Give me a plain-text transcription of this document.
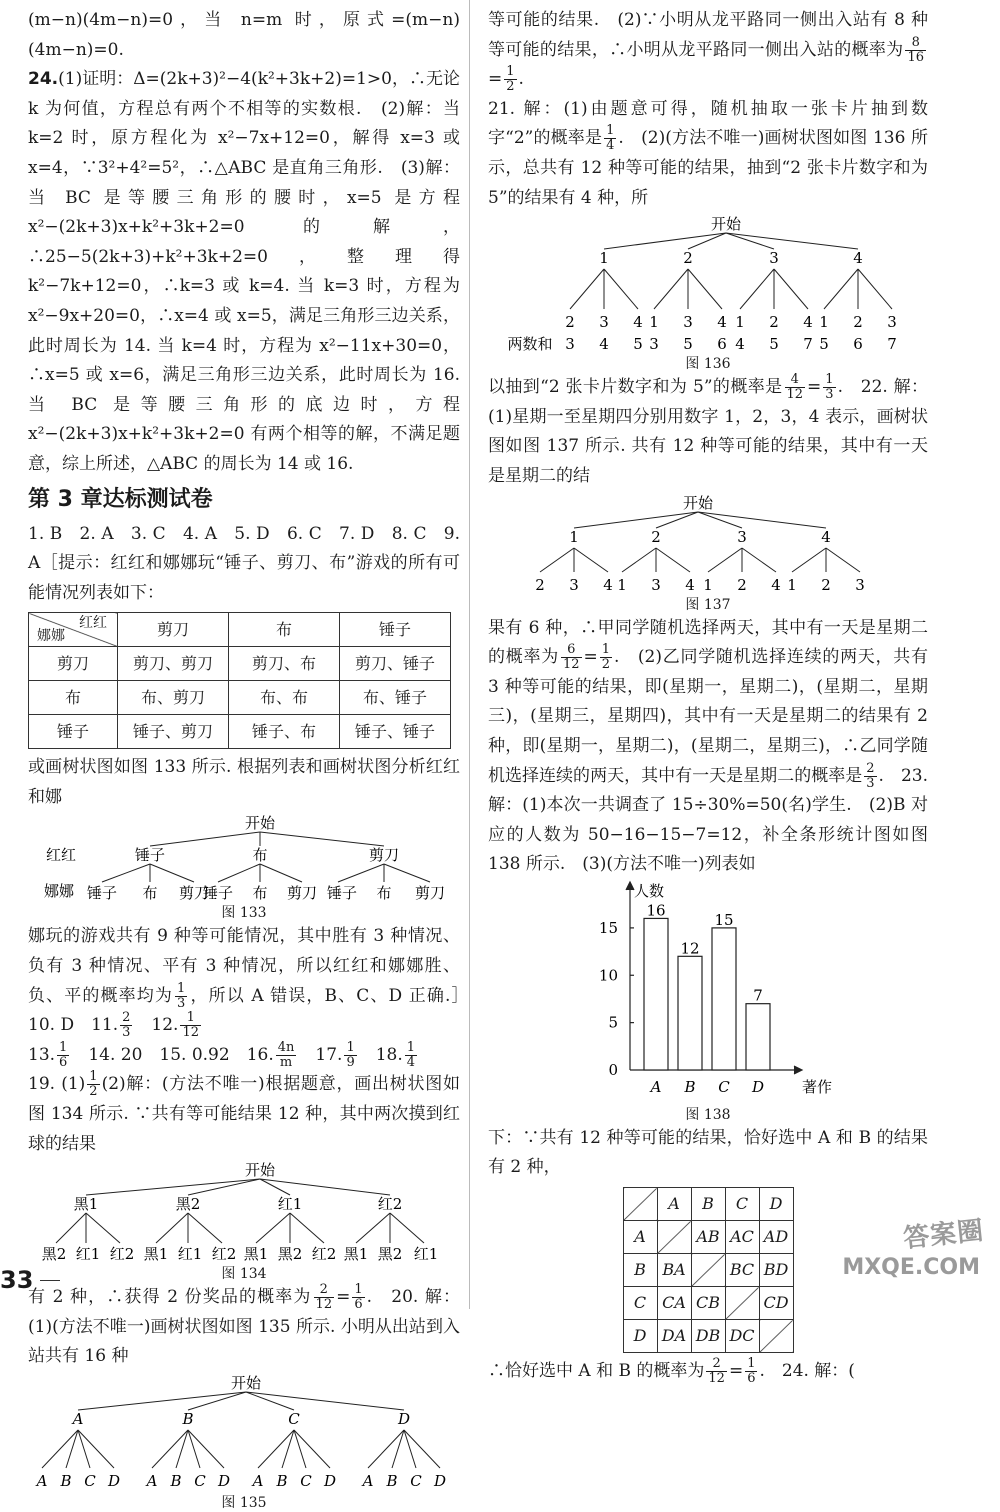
(m−n)(4m−n)=0，当 n=m 时，原式=(m−n)(4m−n)=0.

24.(1)证明：Δ=(2k+3)²−4(k²+3k+2)=1>0，∴无论 k 为何值，方程总有两个不相等的实数根.　(2)解：当 k=2 时，原方程化为 x²−7x+12=0，解得 x=3 或 x=4，∵3²+4²=5²，∴△ABC 是直角三角形.　(3)解：当 BC 是等腰三角形的腰时，x=5 是方程 x²−(2k+3)x+k²+3k+2=0 的解，∴25−5(2k+3)+k²+3k+2=0，整理得 k²−7k+12=0，∴k=3 或 k=4. 当 k=3 时，方程为 x²−9x+20=0，∴x=4 或 x=5，满足三角形三边关系，此时周长为 14. 当 k=4 时，方程为 x²−11x+30=0，∴x=5 或 x=6，满足三角形三边关系，此时周长为 16. 当 BC 是等腰三角形的底边时，方程 x²−(2k+3)x+k²+3k+2=0 有两个相等的解，不满足题意，综上所述，△ABC 的周长为 14 或 16.

第 3 章达标测试卷

1. B　2. A　3. C　4. A　5. D　6. C　7. D　8. C　9. A［提示：红红和娜娜玩“锤子、剪刀、布”游戏的所有可能情况列表如下：

红红
娜娜	剪刀	布	锤子
剪刀	剪刀、剪刀	剪刀、布	剪刀、锤子
布	布、剪刀	布、布	布、锤子
锤子	锤子、剪刀	锤子、布	锤子、锤子

或画树状图如图 133 所示. 根据列表和画树状图分析红红和娜

开始
红红
娜娜
锤子	布	剪刀
锤子 布 剪刀
锤子 布 剪刀 锤子 布 剪刀
图 133

娜玩的游戏共有 9 种等可能情况，其中胜有 3 种情况、负有 3 种情况、平有 3 种情况，所以红红和娜娜胜、负、平的概率均为 $\frac{1}{3}$ ，所以 A 错误，B、C、D 正确.］　10. D　11. $\frac{2}{3}$
　 12. $\frac{1}{12}$

13. $\frac{1}{6}$
　 14. 20　15. 0.92　16. $\frac{4n}{m}$
　 17. $\frac{1}{9}$
　 18. $\frac{1}{4}$

19. $(1) \frac{1}{2} (2)$解：(方法不唯一)根据题意，画出树状图如图 134 所示. ∵共有等可能结果 12 种，其中两次摸到红球的结果

开始
黑1	黑2	红1	红2
黑2 红1 红2 黑1 红1 红2 黑1 黑2 红2 黑1 黑2 红1
图 134

有 2 种，∴获得 2 份奖品的概率为 $\frac{2}{12} = \frac{1}{6}$ .　20. 解：(1)(方法不唯一)画树状图如图 135 所示. 小明从出站到入站共有 16 种

开始
A	B	C	D
A B C D A B C D A B C D A B C D
图 135

等可能的结果.　(2)∵小明从龙平路同一侧出入站有 8 种等可能的结果，∴小明从龙平路同一侧出入站的概率为 $\frac{8}{16}$
= $\frac{1}{2}$ .

21. 解：(1)由题意可得，随机抽取一张卡片抽到数字“2”的概率是 $\frac{1}{4}$ .　(2)(方法不唯一)画树状图如图 136 所示，总共有 12 种等可能的结果，抽到“2 张卡片数字和为 5”的结果有 4 种，所

开始
1	2	3	4
两数和
2
3
3
4
4
5
1
3
3
5
4
6
1
4
2
5
4
7
1
5
2
6
3
7
图 136

以抽到“2 张卡片数字和为 5”的概率是 $\frac{4}{12} = \frac{1}{3}$ .　22. 解：(1)星期一至星期四分别用数字 1，2，3，4 表示，画树状图如图 137 所示. 共有 12 种等可能的结果，其中有一天是星期二的结

开始
1	2	3	4
2 3 4 1 3 4 1 2 4 1 2 3
图 137

果有 6 种，∴甲同学随机选择两天，其中有一天是星期二的概率为 $\frac{6}{12} = \frac{1}{2}$ .　(2)乙同学随机选择连续的两天，共有 3 种等可能的结果，即(星期一，星期二)，(星期二，星期三)，(星期三，星期四)，其中有一天是星期二的结果有 2 种，即(星期一，星期二)，(星期二，星期三)，∴乙同学随机选择连续的两天，其中有一天是星期二的概率是 $\frac{2}{3}$ .　23. 解：(1)本次一共调查了 15÷30%=50(名)学生.　(2)B 对应的人数为 50−16−15−7=12，补全条形统计图如图 138 所示.　(3)(方法不唯一)列表如

0
5
10
15
人数
著作
16
A
12
B
15
C
7
D
图 138

下：∵共有 12 种等可能的结果，恰好选中 A 和 B 的结果有 2 种，

	A	B	C	D
A		AB	AC	AD
B	BA		BC	BD
C	CA	CB		CD
D	DA	DB	DC	

∴恰好选中 A 和 B 的概率为 $\frac{2}{12} = \frac{1}{6}$ .　24. 解：(

33
答案圈
MXQE.COM
